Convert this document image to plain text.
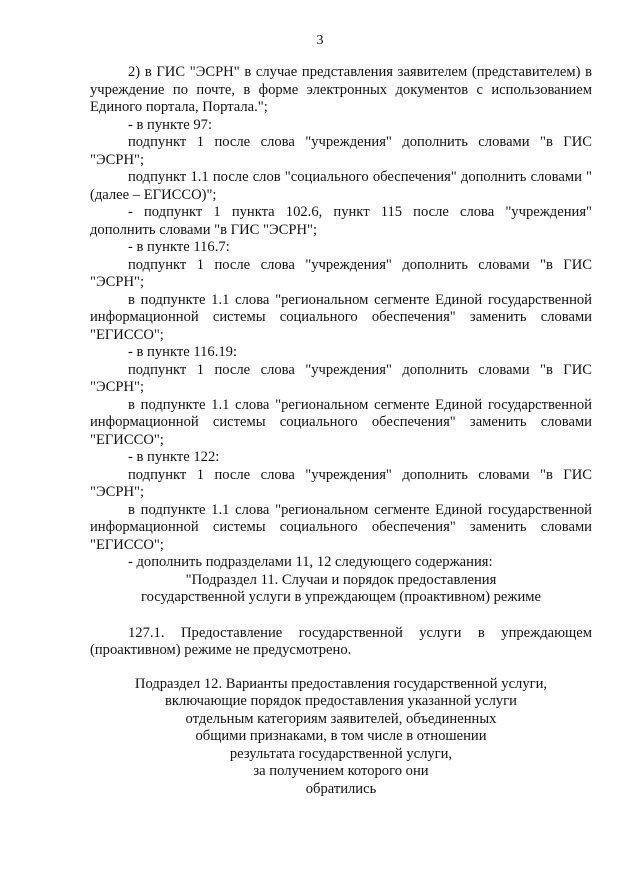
3

2) в ГИС "ЭСРН" в случае представления заявителем (представителем) в учреждение по почте, в форме электронных документов с использованием Единого портала, Портала.";

- в пункте 97:

подпункт 1 после слова "учреждения" дополнить словами "в ГИС "ЭСРН";

подпункт 1.1 после слов "социального обеспечения" дополнить словами "(далее – ЕГИССО)";

- подпункт 1 пункта 102.6, пункт 115 после слова "учреждения" дополнить словами "в ГИС "ЭСРН";

- в пункте 116.7:

подпункт 1 после слова "учреждения" дополнить словами "в ГИС "ЭСРН";

в подпункте 1.1 слова "региональном сегменте Единой государственной информационной системы социального обеспечения" заменить словами "ЕГИССО";

- в пункте 116.19:

подпункт 1 после слова "учреждения" дополнить словами "в ГИС "ЭСРН";

в подпункте 1.1 слова "региональном сегменте Единой государственной информационной системы социального обеспечения" заменить словами "ЕГИССО";

- в пункте 122:

подпункт 1 после слова "учреждения" дополнить словами "в ГИС "ЭСРН";

в подпункте 1.1 слова "региональном сегменте Единой государственной информационной системы социального обеспечения" заменить словами "ЕГИССО";

- дополнить подразделами 11, 12 следующего содержания:

"Подраздел 11. Случаи и порядок предоставления

государственной услуги в упреждающем (проактивном) режиме

127.1. Предоставление государственной услуги в упреждающем (проактивном) режиме не предусмотрено.

Подраздел 12. Варианты предоставления государственной услуги,

включающие порядок предоставления указанной услуги

отдельным категориям заявителей, объединенных

общими признаками, в том числе в отношении

результата государственной услуги,

за получением которого они

обратились
